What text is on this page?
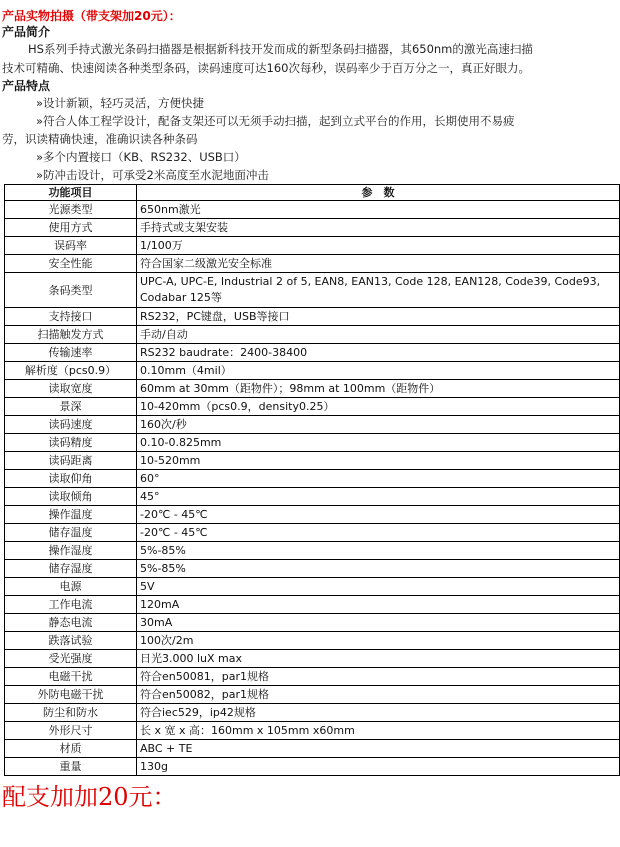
产品实物拍摄（带支架加20元）：
产品简介
HS系列手持式激光条码扫描器是根据新科技开发而成的新型条码扫描器，其650nm的激光高速扫描
技术可精确、快速阅读各种类型条码，读码速度可达160次每秒，误码率少于百万分之一，真正好眼力。
产品特点
»设计新颖，轻巧灵活，方便快捷
»符合人体工程学设计，配备支架还可以无须手动扫描，起到立式平台的作用，长期使用不易疲
劳，识读精确快速，准确识读各种条码
»多个内置接口（KB、RS232、USB口）
»防冲击设计，可承受2米高度至水泥地面冲击
功能项目	参　数
光源类型	650nm激光
使用方式	手持式或支架安装
误码率	1/100万
安全性能	符合国家二级激光安全标准
条码类型	UPC-A, UPC-E, Industrial 2 of 5, EAN8, EAN13, Code 128, EAN128, Code39, Code93, Codabar 125等
支持接口	RS232，PC键盘，USB等接口
扫描触发方式	手动/自动
传输速率	RS232 baudrate：2400-38400
解析度（pcs0.9）	0.10mm（4mil）
读取宽度	60mm at 30mm（距物件）；98mm at 100mm（距物件）
景深	10-420mm（pcs0.9，density0.25）
读码速度	160次/秒
读码精度	0.10-0.825mm
读码距离	10-520mm
读取仰角	60°
读取倾角	45°
操作温度	-20℃ - 45℃
储存温度	-20℃ - 45℃
操作湿度	5%-85%
储存湿度	5%-85%
电源	5V
工作电流	120mA
静态电流	30mA
跌落试验	100次/2m
受光强度	日光3.000 luX max
电磁干扰	符合en50081，par1规格
外防电磁干扰	符合en50082，par1规格
防尘和防水	符合iec529，ip42规格
外形尺寸	长 x 宽 x 高：160mm x 105mm x60mm
材质	ABC + TE
重量	130g
配支加加20元：
